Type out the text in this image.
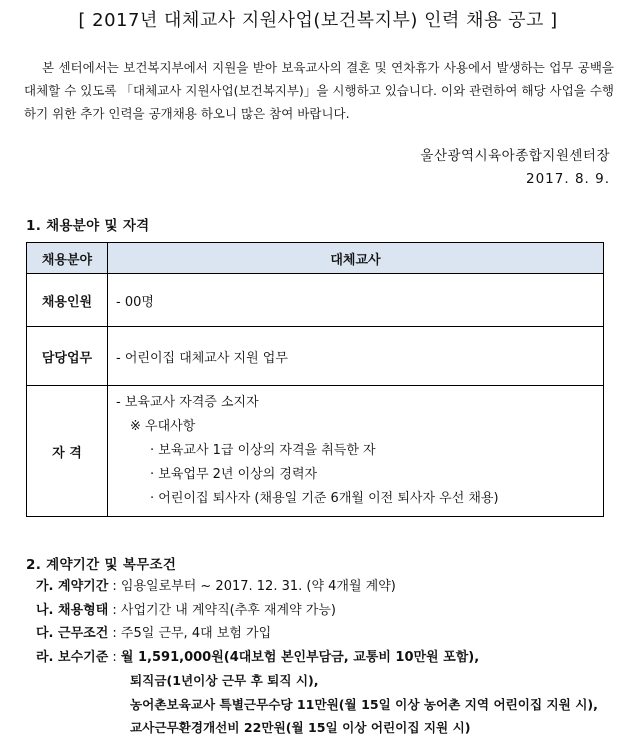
[ 2017년 대체교사 지원사업(보건복지부) 인력 채용 공고 ]
본 센터에서는 보건복지부에서 지원을 받아 보육교사의 결혼 및 연차휴가 사용에서 발생하는 업무 공백을 대체할 수 있도록 「대체교사 지원사업(보건복지부)」을 시행하고 있습니다. 이와 관련하여 해당 사업을 수행하기 위한 추가 인력을 공개채용 하오니 많은 참여 바랍니다.
울산광역시육아종합지원센터장
2017. 8. 9.
1. 채용분야 및 자격
채용분야	대체교사
채용인원	- 00명
담당업무	- 어린이집 대체교사 지원 업무
자 격	- 보육교사 자격증 소지자
※ 우대사항
· 보육교사 1급 이상의 자격을 취득한 자
· 보육업무 2년 이상의 경력자
· 어린이집 퇴사자 (채용일 기준 6개월 이전 퇴사자 우선 채용)
2. 계약기간 및 복무조건
가. 계약기간 : 임용일로부터 ~ 2017. 12. 31. (약 4개월 계약)
나. 채용형태 : 사업기간 내 계약직(추후 재계약 가능)
다. 근무조건 : 주5일 근무, 4대 보험 가입
라. 보수기준 : 월 1,591,000원(4대보험 본인부담금, 교통비 10만원 포함),
퇴직금(1년이상 근무 후 퇴직 시),
농어촌보육교사 특별근무수당 11만원(월 15일 이상 농어촌 지역 어린이집 지원 시),
교사근무환경개선비 22만원(월 15일 이상 어린이집 지원 시)
